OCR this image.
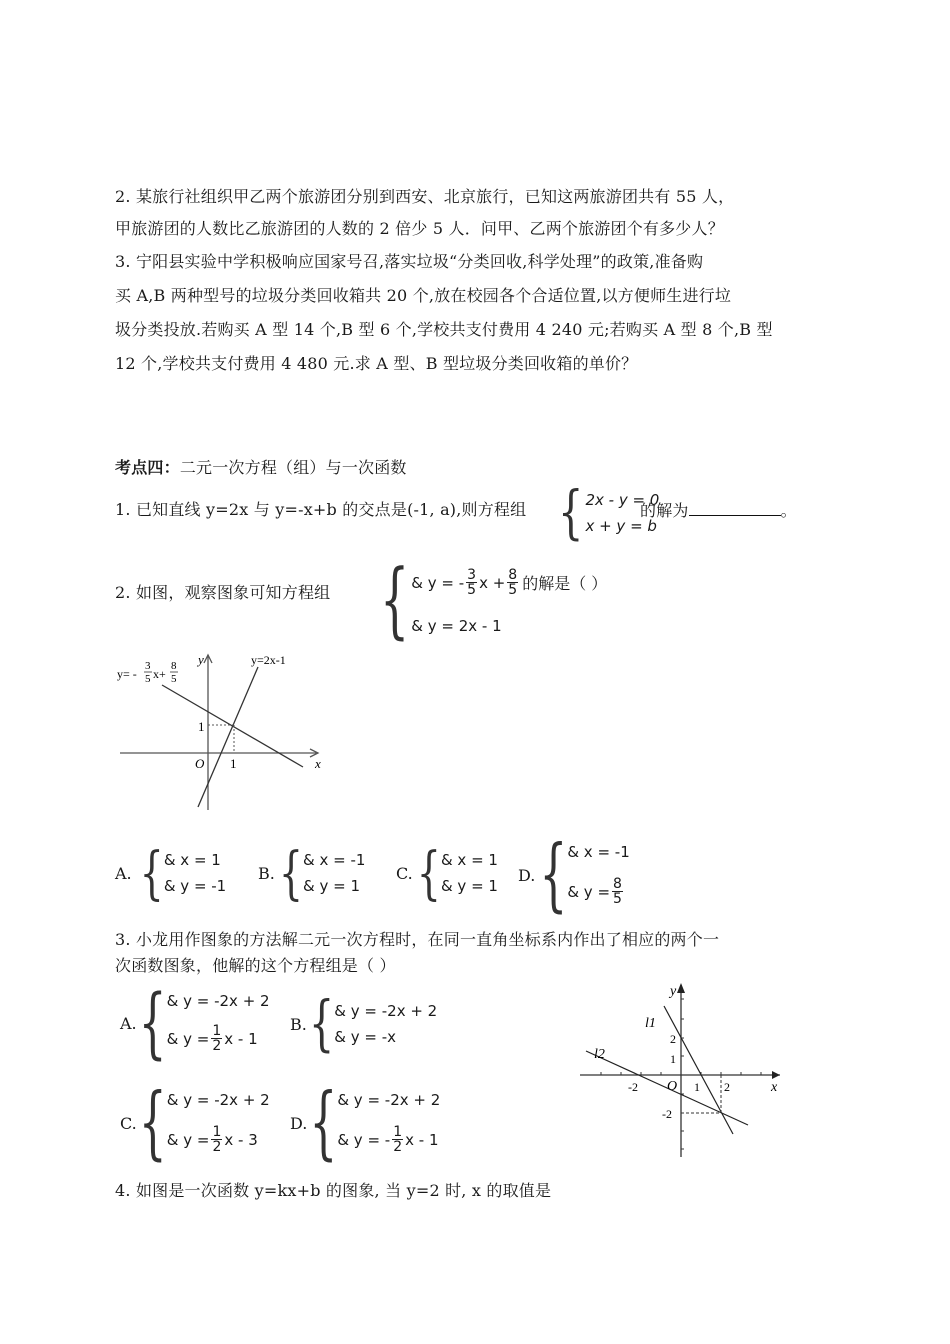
2. 某旅行社组织甲乙两个旅游团分别到西安、北京旅行，已知这两旅游团共有 55 人，
甲旅游团的人数比乙旅游团的人数的 2 倍少 5 人．问甲、乙两个旅游团个有多少人？
3. 宁阳县实验中学积极响应国家号召,落实垃圾“分类回收,科学处理”的政策,准备购
买 A,B 两种型号的垃圾分类回收箱共 20 个,放在校园各个合适位置,以方便师生进行垃
圾分类投放.若购买 A 型 14 个,B 型 6 个,学校共支付费用 4 240 元;若购买 A 型 8 个,B 型
12 个,学校共支付费用 4 480 元.求 A 型、B 型垃圾分类回收箱的单价？
考点四：二元一次方程（组）与一次函数
1. 已知直线 y=2x 与 y=-x+b 的交点是(-1, a),则方程组 { 2x - y = 0
x + y = b
的解为	。
2. 如图，观察图象可知方程组 { & y = - $\frac{3}{5}$ $x + \frac{8}{5}$ 的解是（ ）
& y = 2x - 1
1
1
O	x
y	y=2x-1
y= -
3
5 x+
8
5
A. { & x = 1
& y = -1
B. { & x = -1
& y = 1
C. { & x = 1
& y = 1
D. { & x = -1
& $y = \frac{8}{5}$
3. 小龙用作图象的方法解二元一次方程时，在同一直角坐标系内作出了相应的两个一
次函数图象，他解的这个方程组是（ ）
A. { & y = -2x + 2
& $y = \frac{1}{2}$ x - 1
B. { & y = -2x + 2
& y = -x
C. { & y = -2x + 2
& $y = \frac{1}{2}$ x - 3
D. { & y = -2x + 2
& y = - $\frac{1}{2}$ x - 1
l1
l2
y
x
O
-2	1 2
2
1
-2
4. 如图是一次函数 y=kx+b 的图象, 当 y=2 时, x 的取值是
